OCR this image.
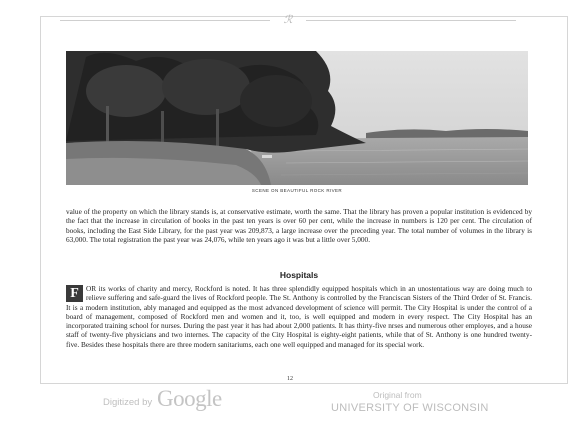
ℛ
SCENE ON BEAUTIFUL ROCK RIVER
value of the property on which the library stands is, at conservative estimate, worth the same. That the library has proven a popular institution is evidenced by the fact that the increase in circulation of books in the past ten years is over 60 per cent, while the increase in numbers is 120 per cent. The circulation of books, including the East Side Library, for the past year was 209,873, a large increase over the preceding year. The total number of volumes in the library is 63,000. The total registration the past year was 24,076, while ten years ago it was but a little over 5,000.
Hospitals
F OR its works of charity and mercy, Rockford is noted. It has three splendidly equipped hospitals which in an unostentatious way are doing much to relieve suffering and safe-guard the lives of Rockford people. The St. Anthony is controlled by the Franciscan Sisters of the Third Order of St. Francis. It is a modern institution, ably managed and equipped as the most advanced development of science will permit. The City Hospital is under the control of a board of management, composed of Rockford men and women and it, too, is well equipped and modern in every respect. The City Hospital has an incorporated training school for nurses. During the past year it has had about 2,000 patients. It has thirty-five nrses and numerous other employes, and a house staff of twenty-five physicians and two internes. The capacity of the City Hospital is eighty-eight patients, while that of St. Anthony is one hundred twenty-five. Besides these hospitals there are three modern sanitariums, each one well equipped and managed for its special work.
12
Digitized by Google	Original from
UNIVERSITY OF WISCONSIN
